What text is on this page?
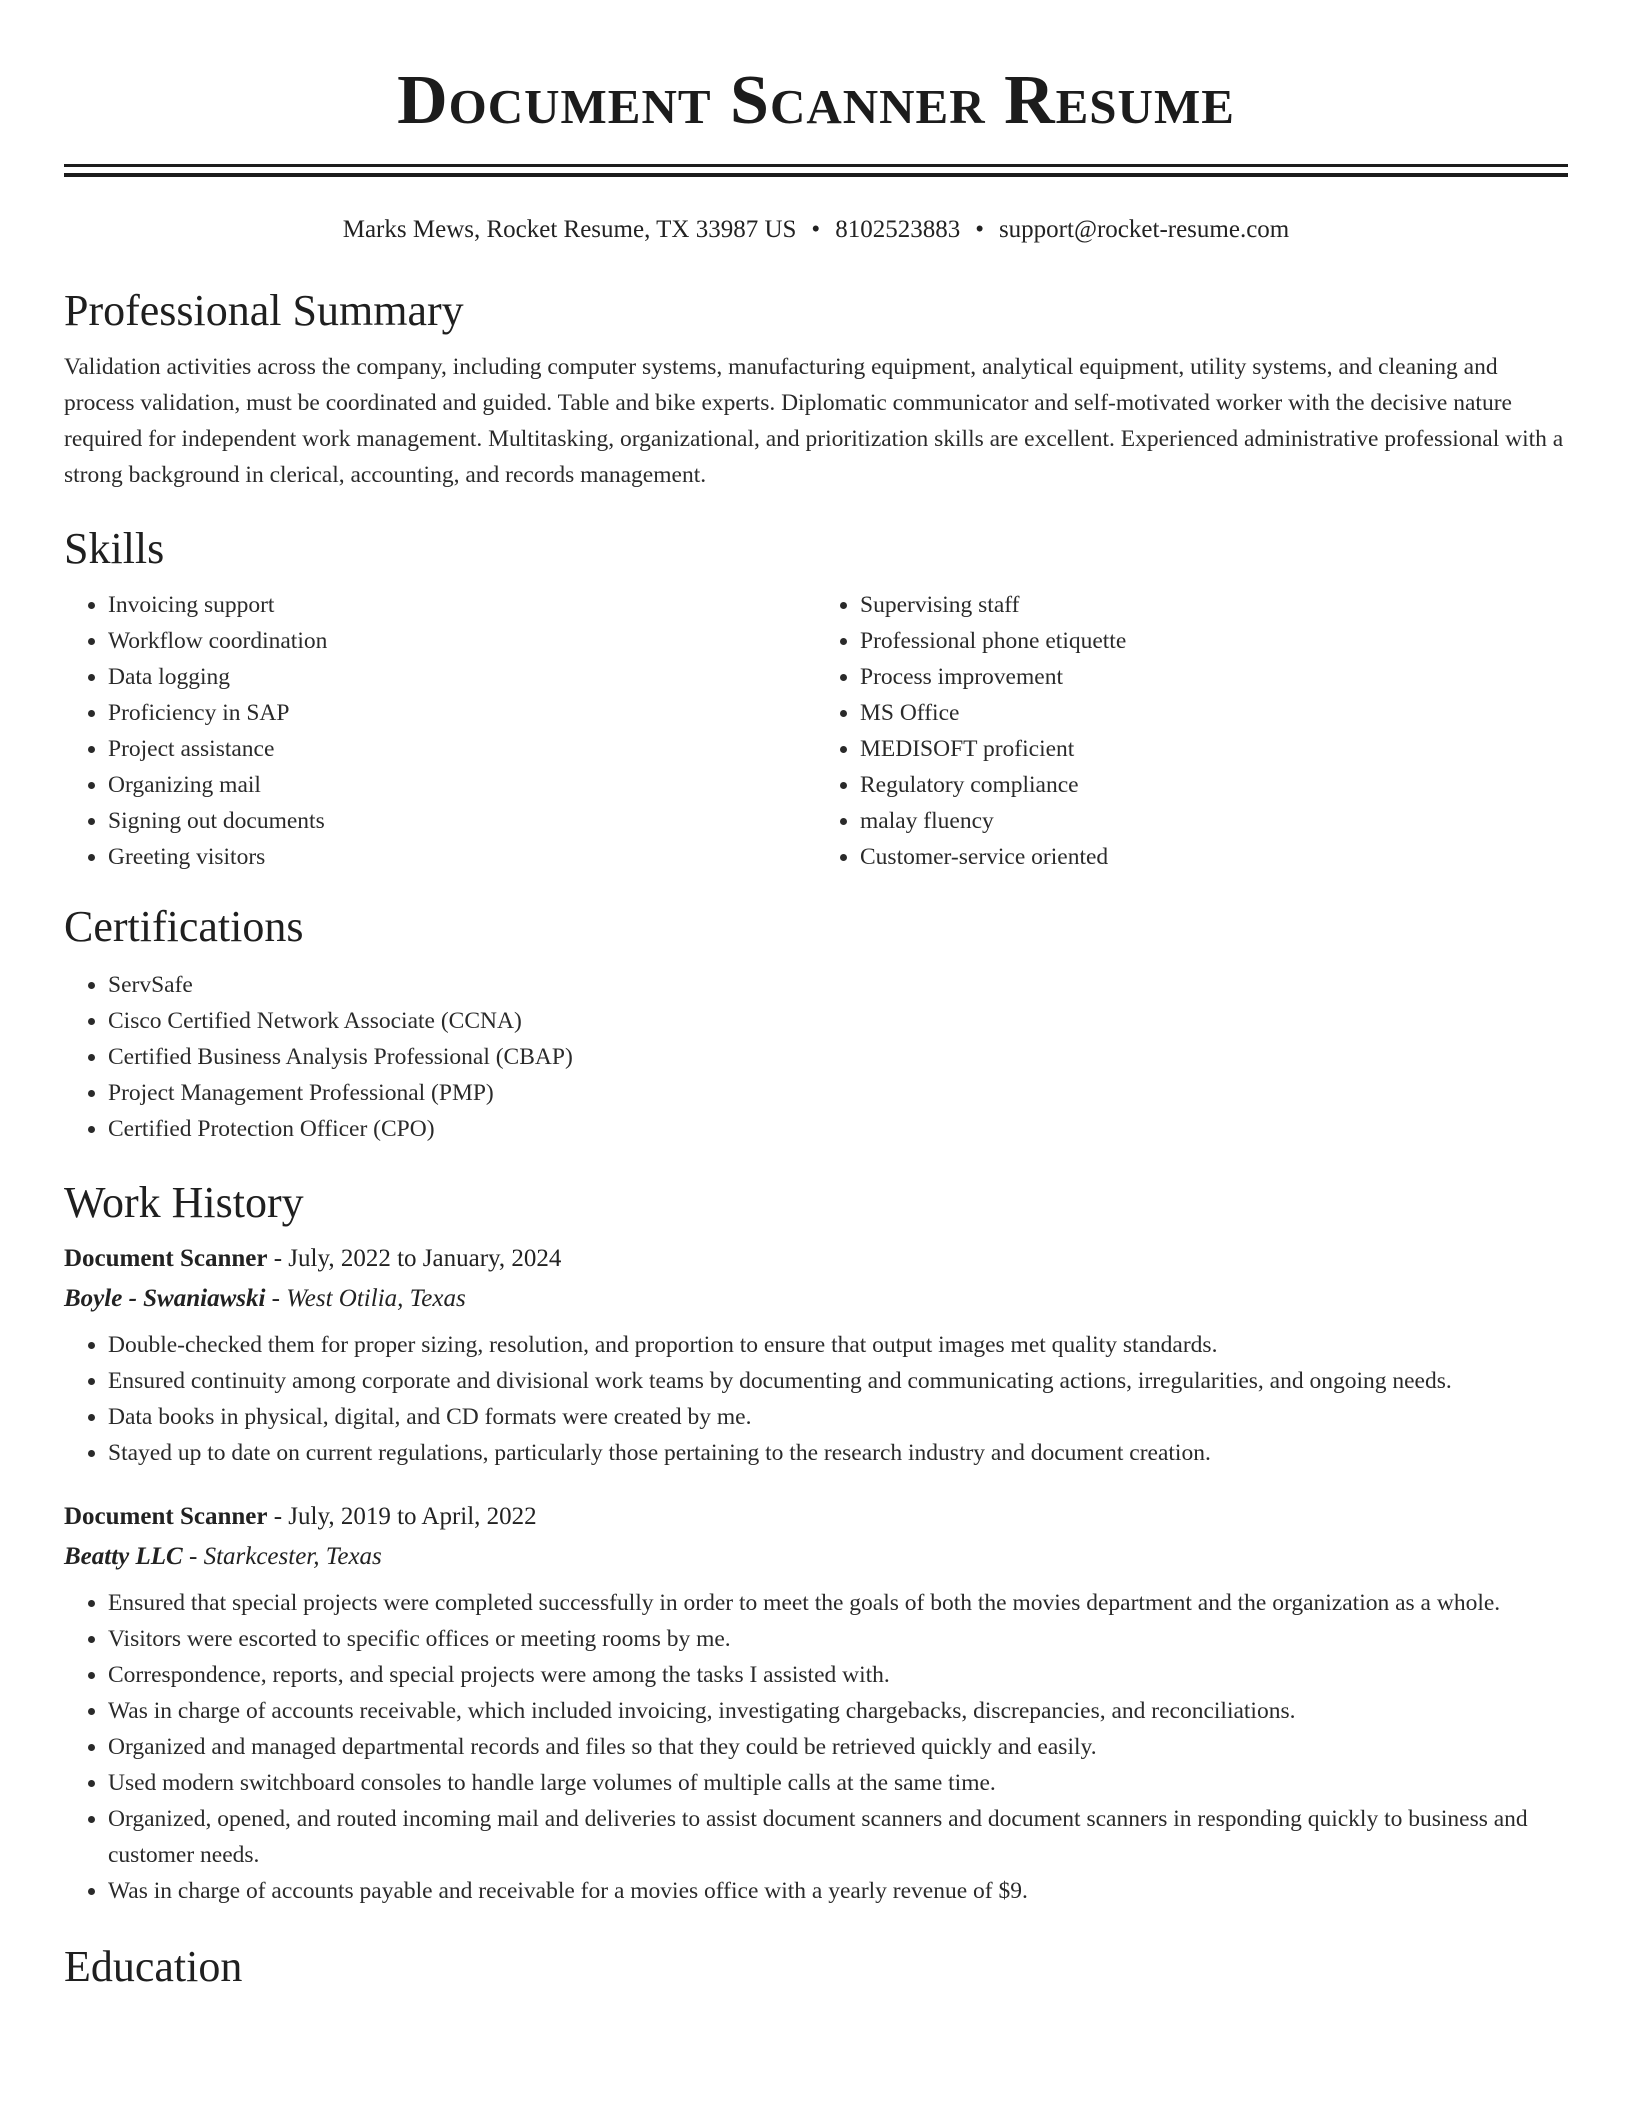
Document Scanner Resume
Marks Mews, Rocket Resume, TX 33987 US • 8102523883 • support@rocket-resume.com
Professional Summary
Validation activities across the company, including computer systems, manufacturing equipment, analytical equipment, utility systems, and cleaning and process validation, must be coordinated and guided. Table and bike experts. Diplomatic communicator and self-motivated worker with the decisive nature required for independent work management. Multitasking, organizational, and prioritization skills are excellent. Experienced administrative professional with a strong background in clerical, accounting, and records management.
Skills
• Invoicing support
• Workflow coordination
• Data logging
• Proficiency in SAP
• Project assistance
• Organizing mail
• Signing out documents
• Greeting visitors
• Supervising staff
• Professional phone etiquette
• Process improvement
• MS Office
• MEDISOFT proficient
• Regulatory compliance
• malay fluency
• Customer-service oriented
Certifications
• ServSafe
• Cisco Certified Network Associate (CCNA)
• Certified Business Analysis Professional (CBAP)
• Project Management Professional (PMP)
• Certified Protection Officer (CPO)
Work History
Document Scanner - July, 2022 to January, 2024
Boyle - Swaniawski - West Otilia, Texas
• Double-checked them for proper sizing, resolution, and proportion to ensure that output images met quality standards.
• Ensured continuity among corporate and divisional work teams by documenting and communicating actions, irregularities, and ongoing needs.
• Data books in physical, digital, and CD formats were created by me.
• Stayed up to date on current regulations, particularly those pertaining to the research industry and document creation.
Document Scanner - July, 2019 to April, 2022
Beatty LLC - Starkcester, Texas
• Ensured that special projects were completed successfully in order to meet the goals of both the movies department and the organization as a whole.
• Visitors were escorted to specific offices or meeting rooms by me.
• Correspondence, reports, and special projects were among the tasks I assisted with.
• Was in charge of accounts receivable, which included invoicing, investigating chargebacks, discrepancies, and reconciliations.
• Organized and managed departmental records and files so that they could be retrieved quickly and easily.
• Used modern switchboard consoles to handle large volumes of multiple calls at the same time.
• Organized, opened, and routed incoming mail and deliveries to assist document scanners and document scanners in responding quickly to business and customer needs.
• Was in charge of accounts payable and receivable for a movies office with a yearly revenue of $9.
Education
